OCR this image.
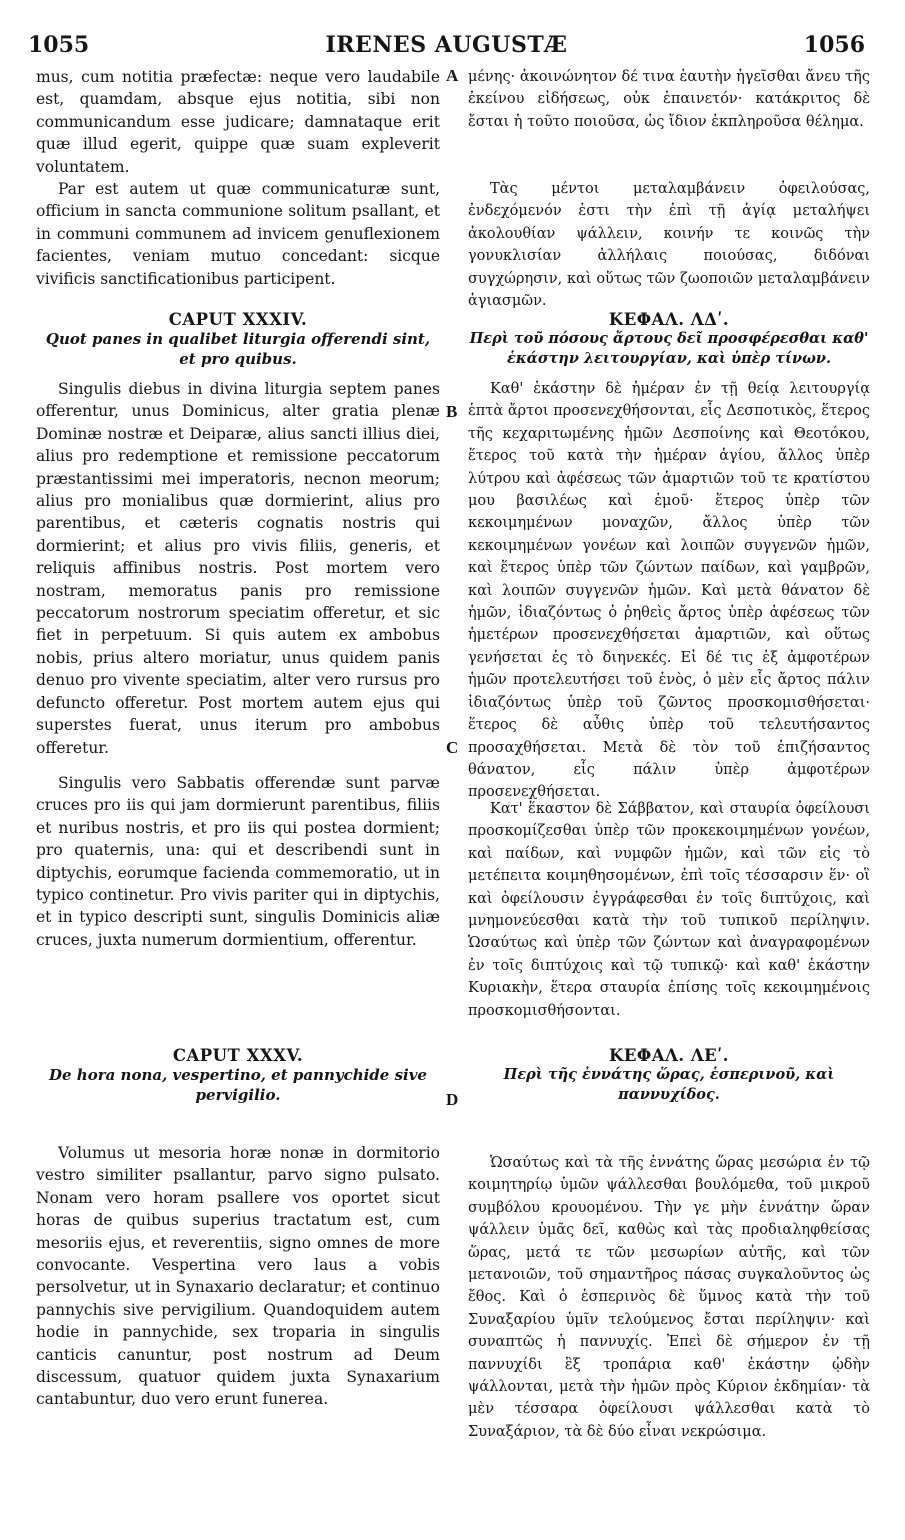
1055	IRENES AUGUSTÆ	1056

mus, cum notitia præfectæ: neque vero laudabile est, quamdam, absque ejus notitia, sibi non communicandum esse judicare; damnataque erit quæ illud egerit, quippe quæ suam expleverit voluntatem.

Par est autem ut quæ communicaturæ sunt, officium in sancta communione solitum psallant, et in communi communem ad invicem genuflexionem facientes, veniam mutuo concedant: sicque vivificis sanctificationibus participent.

CAPUT XXXIV.

Quot panes in qualibet liturgia offerendi sint, et pro quibus.

Singulis diebus in divina liturgia septem panes offerentur, unus Dominicus, alter gratia plenæ Dominæ nostræ et Deiparæ, alius sancti illius diei, alius pro redemptione et remissione peccatorum præstantissimi mei imperatoris, necnon meorum; alius pro monialibus quæ dormierint, alius pro parentibus, et cæteris cognatis nostris qui dormierint; et alius pro vivis filiis, generis, et reliquis affinibus nostris. Post mortem vero nostram, memoratus panis pro remissione peccatorum nostrorum speciatim offeretur, et sic fiet in perpetuum. Si quis autem ex ambobus nobis, prius altero moriatur, unus quidem panis denuo pro vivente speciatim, alter vero rursus pro defuncto offeretur. Post mortem autem ejus qui superstes fuerat, unus iterum pro ambobus offeretur.

Singulis vero Sabbatis offerendæ sunt parvæ cruces pro iis qui jam dormierunt parentibus, filiis et nuribus nostris, et pro iis qui postea dormient; pro quaternis, una: qui et describendi sunt in diptychis, eorumque facienda commemoratio, ut in typico continetur. Pro vivis pariter qui in diptychis, et in typico descripti sunt, singulis Dominicis aliæ cruces, juxta numerum dormientium, offerentur.

CAPUT XXXV.

De hora nona, vespertino, et pannychide sive pervigilio.

Volumus ut mesoria horæ nonæ in dormitorio vestro similiter psallantur, parvo signo pulsato. Nonam vero horam psallere vos oportet sicut horas de quibus superius tractatum est, cum mesoriis ejus, et reverentiis, signo omnes de more convocante. Vespertina vero laus a vobis persolvetur, ut in Synaxario declaratur; et continuo pannychis sive pervigilium. Quandoquidem autem hodie in pannychide, sex troparia in singulis canticis canuntur, post nostrum ad Deum discessum, quatuor quidem juxta Synaxarium cantabuntur, duo vero erunt funerea.

A
B
C
D

μένης· ἀκοινώνητον δέ τινα ἑαυτὴν ἡγεῖσθαι ἄνευ τῆς ἐκείνου εἰδήσεως, οὐκ ἐπαινετόν· κατάκριτος δὲ ἔσται ἡ τοῦτο ποιοῦσα, ὡς ἴδιον ἐκπληροῦσα θέλημα.

Τὰς μέντοι μεταλαμβάνειν ὀφειλούσας, ἐνδεχόμενόν ἐστι τὴν ἐπὶ τῇ ἁγίᾳ μεταλήψει ἀκολουθίαν ψάλλειν, κοινήν τε κοινῶς τὴν γονυκλισίαν ἀλλήλαις ποιούσας, διδόναι συγχώρησιν, καὶ οὕτως τῶν ζωοποιῶν μεταλαμβάνειν ἁγιασμῶν.

ΚΕΦΑΛ. ΛΔʹ.

Περὶ τοῦ πόσους ἄρτους δεῖ προσφέρεσθαι καθ' ἑκάστην λειτουργίαν, καὶ ὑπὲρ τίνων.

Καθ' ἑκάστην δὲ ἡμέραν ἐν τῇ θείᾳ λειτουργίᾳ ἑπτὰ ἄρτοι προσενεχθήσονται, εἷς Δεσποτικὸς, ἕτερος τῆς κεχαριτωμένης ἡμῶν Δεσποίνης καὶ Θεοτόκου, ἕτερος τοῦ κατὰ τὴν ἡμέραν ἁγίου, ἄλλος ὑπὲρ λύτρου καὶ ἀφέσεως τῶν ἁμαρτιῶν τοῦ τε κρατίστου μου βασιλέως καὶ ἐμοῦ· ἕτερος ὑπὲρ τῶν κεκοιμημένων μοναχῶν, ἄλλος ὑπὲρ τῶν κεκοιμημένων γονέων καὶ λοιπῶν συγγενῶν ἡμῶν, καὶ ἕτερος ὑπὲρ τῶν ζώντων παίδων, καὶ γαμβρῶν, καὶ λοιπῶν συγγενῶν ἡμῶν. Καὶ μετὰ θάνατον δὲ ἡμῶν, ἰδιαζόντως ὁ ῥηθεὶς ἄρτος ὑπὲρ ἀφέσεως τῶν ἡμετέρων προσενεχθήσεται ἁμαρτιῶν, καὶ οὕτως γενήσεται ἐς τὸ διηνεκές. Εἰ δέ τις ἐξ ἀμφοτέρων ἡμῶν προτελευτήσει τοῦ ἑνὸς, ὁ μὲν εἷς ἄρτος πάλιν ἰδιαζόντως ὑπὲρ τοῦ ζῶντος προσκομισθήσεται· ἕτερος δὲ αὖθις ὑπὲρ τοῦ τελευτήσαντος προσαχθήσεται. Μετὰ δὲ τὸν τοῦ ἐπιζήσαντος θάνατον, εἷς πάλιν ὑπὲρ ἀμφοτέρων προσενεχθήσεται.

Κατ' ἕκαστον δὲ Σάββατον, καὶ σταυρία ὀφείλουσι προσκομίζεσθαι ὑπὲρ τῶν προκεκοιμημένων γονέων, καὶ παίδων, καὶ νυμφῶν ἡμῶν, καὶ τῶν εἰς τὸ μετέπειτα κοιμηθησομένων, ἐπὶ τοῖς τέσσαρσιν ἕν· οἳ καὶ ὀφείλουσιν ἐγγράφεσθαι ἐν τοῖς διπτύχοις, καὶ μνημονεύεσθαι κατὰ τὴν τοῦ τυπικοῦ περίληψιν. Ὡσαύτως καὶ ὑπὲρ τῶν ζώντων καὶ ἀναγραφομένων ἐν τοῖς διπτύχοις καὶ τῷ τυπικῷ· καὶ καθ' ἑκάστην Κυριακὴν, ἕτερα σταυρία ἐπίσης τοῖς κεκοιμημένοις προσκομισθήσονται.

ΚΕΦΑΛ. ΛΕʹ.

Περὶ τῆς ἐννάτης ὥρας, ἑσπερινοῦ, καὶ παννυχίδος.

Ὡσαύτως καὶ τὰ τῆς ἐννάτης ὥρας μεσώρια ἐν τῷ κοιμητηρίῳ ὑμῶν ψάλλεσθαι βουλόμεθα, τοῦ μικροῦ συμβόλου κρουομένου. Τὴν γε μὴν ἐννάτην ὥραν ψάλλειν ὑμᾶς δεῖ, καθὼς καὶ τὰς προδιαληφθείσας ὥρας, μετά τε τῶν μεσωρίων αὐτῆς, καὶ τῶν μετανοιῶν, τοῦ σημαντῆρος πάσας συγκαλοῦντος ὡς ἔθος. Καὶ ὁ ἑσπερινὸς δὲ ὕμνος κατὰ τὴν τοῦ Συναξαρίου ὑμῖν τελούμενος ἔσται περίληψιν· καὶ συναπτῶς ἡ παννυχίς. Ἐπεὶ δὲ σήμερον ἐν τῇ παννυχίδι ἓξ τροπάρια καθ' ἑκάστην ᾠδὴν ψάλλονται, μετὰ τὴν ἡμῶν πρὸς Κύριον ἐκδημίαν· τὰ μὲν τέσσαρα ὀφείλουσι ψάλλεσθαι κατὰ τὸ Συναξάριον, τὰ δὲ δύο εἶναι νεκρώσιμα.
